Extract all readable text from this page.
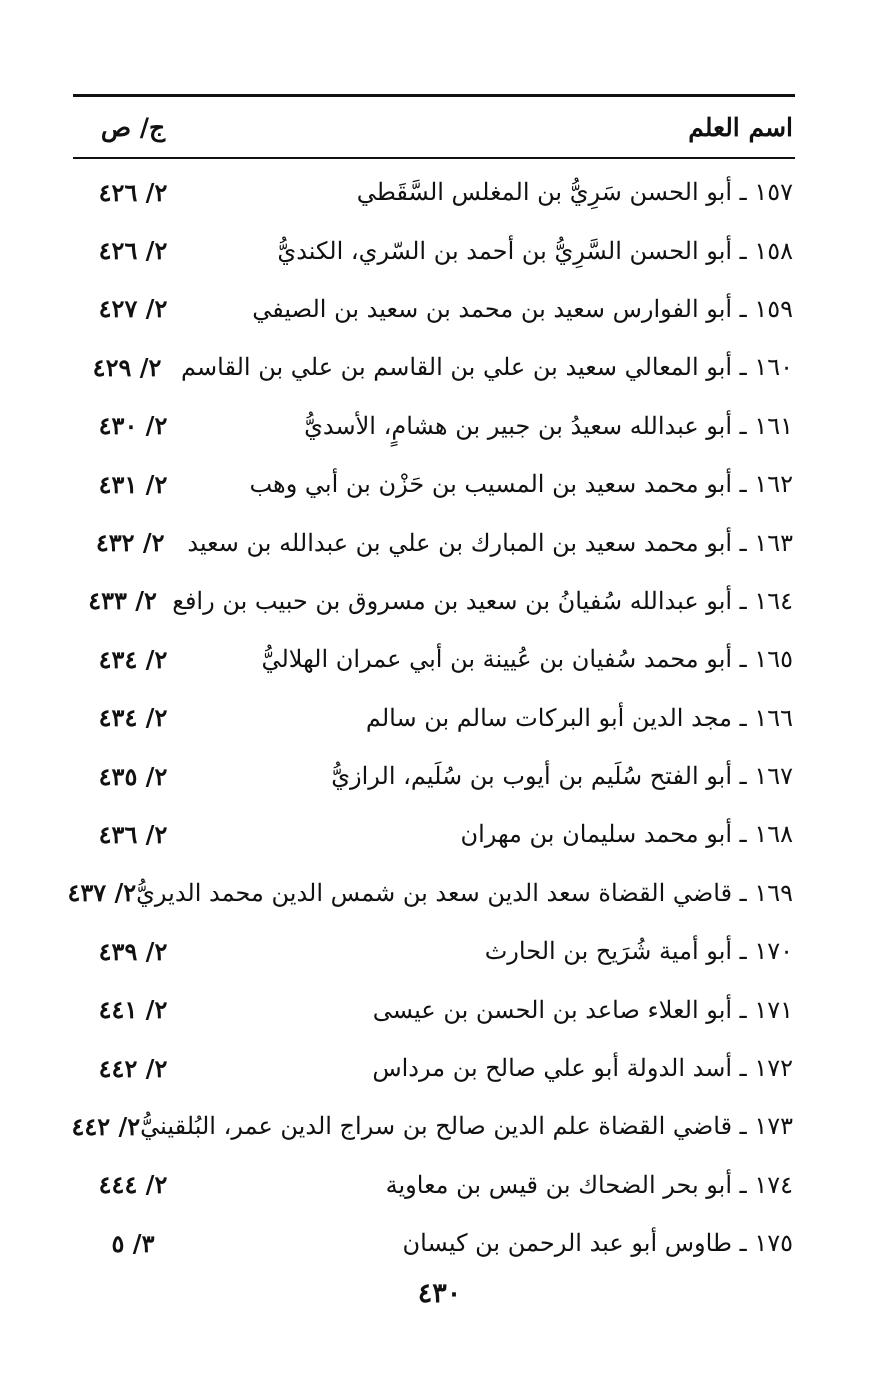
اسم العلم
ج/ ص
١٥٧ ـ أبو الحسن سَرِيُّ بن المغلس السَّقَطي
٢/ ٤٢٦
١٥٨ ـ أبو الحسن السَّرِيُّ بن أحمد بن السّري، الكنديُّ
٢/ ٤٢٦
١٥٩ ـ أبو الفوارس سعيد بن محمد بن سعيد بن الصيفي
٢/ ٤٢٧
١٦٠ ـ أبو المعالي سعيد بن علي بن القاسم بن علي بن القاسم
٢/ ٤٢٩
١٦١ ـ أبو عبدالله سعيدُ بن جبير بن هشامٍ، الأسديُّ
٢/ ٤٣٠
١٦٢ ـ أبو محمد سعيد بن المسيب بن حَزْن بن أبي وهب
٢/ ٤٣١
١٦٣ ـ أبو محمد سعيد بن المبارك بن علي بن عبدالله بن سعيد
٢/ ٤٣٢
١٦٤ ـ أبو عبدالله سُفيانُ بن سعيد بن مسروق بن حبيب بن رافع
٢/ ٤٣٣
١٦٥ ـ أبو محمد سُفيان بن عُيينة بن أبي عمران الهلاليُّ
٢/ ٤٣٤
١٦٦ ـ مجد الدين أبو البركات سالم بن سالم
٢/ ٤٣٤
١٦٧ ـ أبو الفتح سُلَيم بن أيوب بن سُلَيم، الرازيُّ
٢/ ٤٣٥
١٦٨ ـ أبو محمد سليمان بن مهران
٢/ ٤٣٦
١٦٩ ـ قاضي القضاة سعد الدين سعد بن شمس الدين محمد الديريُّ
٢/ ٤٣٧
١٧٠ ـ أبو أمية شُرَيح بن الحارث
٢/ ٤٣٩
١٧١ ـ أبو العلاء صاعد بن الحسن بن عيسى
٢/ ٤٤١
١٧٢ ـ أسد الدولة أبو علي صالح بن مرداس
٢/ ٤٤٢
١٧٣ ـ قاضي القضاة علم الدين صالح بن سراج الدين عمر، البُلقينيُّ
٢/ ٤٤٢
١٧٤ ـ أبو بحر الضحاك بن قيس بن معاوية
٢/ ٤٤٤
١٧٥ ـ طاوس أبو عبد الرحمن بن كيسان
٣/ ٥
٤٣٠
